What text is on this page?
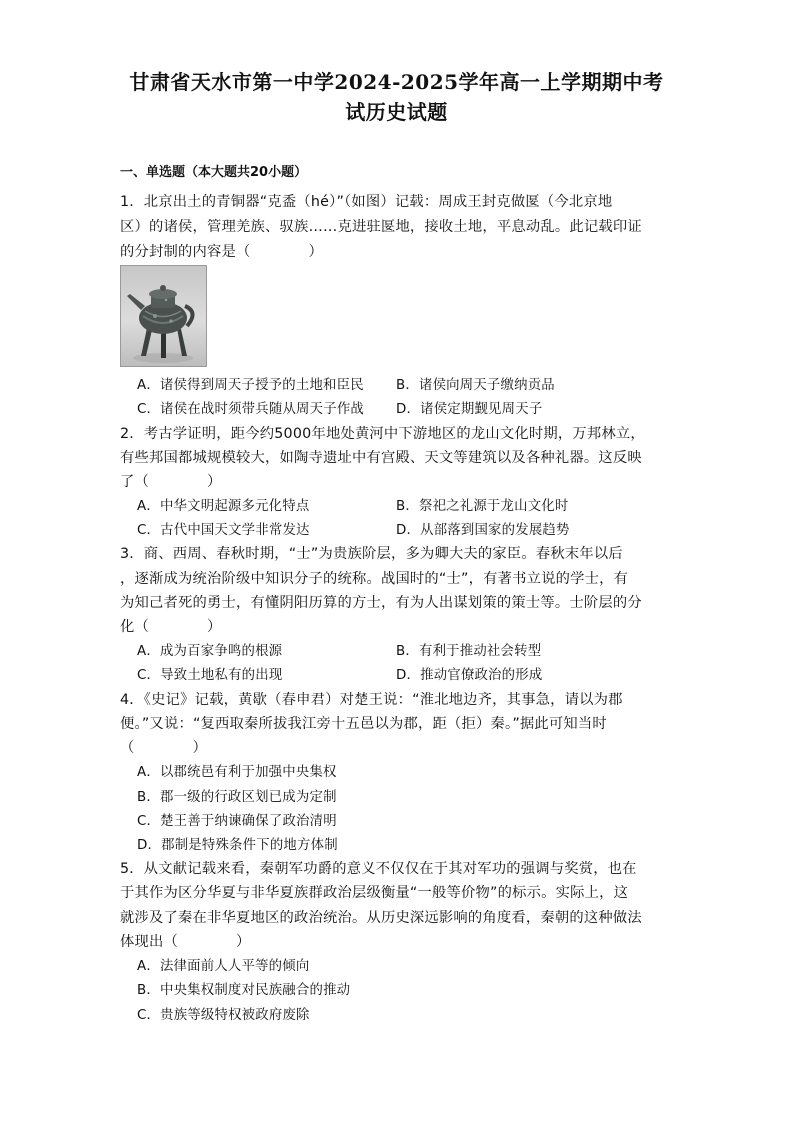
甘肃省天水市第一中学2024-2025学年高一上学期期中考
试历史试题
一、单选题（本大题共20小题）
1．北京出土的青铜器“克盉（hé）”（如图）记载：周成王封克做匽（今北京地
区）的诸侯，管理羌族、驭族……克进驻匽地，接收土地，平息动乱。此记载印证
的分封制的内容是（　　　　）
A．诸侯得到周天子授予的土地和臣民 B．诸侯向周天子缴纳贡品
C．诸侯在战时须带兵随从周天子作战 D．诸侯定期觐见周天子
2．考古学证明，距今约5000年地处黄河中下游地区的龙山文化时期，万邦林立，
有些邦国都城规模较大，如陶寺遗址中有宫殿、天文等建筑以及各种礼器。这反映
了（　　　　）
A．中华文明起源多元化特点	B．祭祀之礼源于龙山文化时
C．古代中国天文学非常发达	D．从部落到国家的发展趋势
3．商、西周、春秋时期，“士”为贵族阶层，多为卿大夫的家臣。春秋末年以后
，逐渐成为统治阶级中知识分子的统称。战国时的“士”，有著书立说的学士，有
为知己者死的勇士，有懂阴阳历算的方士，有为人出谋划策的策士等。士阶层的分
化（　　　　）
A．成为百家争鸣的根源	B．有利于推动社会转型
C．导致土地私有的出现	D．推动官僚政治的形成
4．《史记》记载，黄歇（春申君）对楚王说：“淮北地边齐，其事急，请以为郡
便。”又说：“复西取秦所拔我江旁十五邑以为郡，距（拒）秦。”据此可知当时
（　　　　）
A．以郡统邑有利于加强中央集权
B．郡一级的行政区划已成为定制
C．楚王善于纳谏确保了政治清明
D．郡制是特殊条件下的地方体制
5．从文献记载来看，秦朝军功爵的意义不仅仅在于其对军功的强调与奖赏，也在
于其作为区分华夏与非华夏族群政治层级衡量“一般等价物”的标示。实际上，这
就涉及了秦在非华夏地区的政治统治。从历史深远影响的角度看，秦朝的这种做法
体现出（　　　　）
A．法律面前人人平等的倾向
B．中央集权制度对民族融合的推动
C．贵族等级特权被政府废除
